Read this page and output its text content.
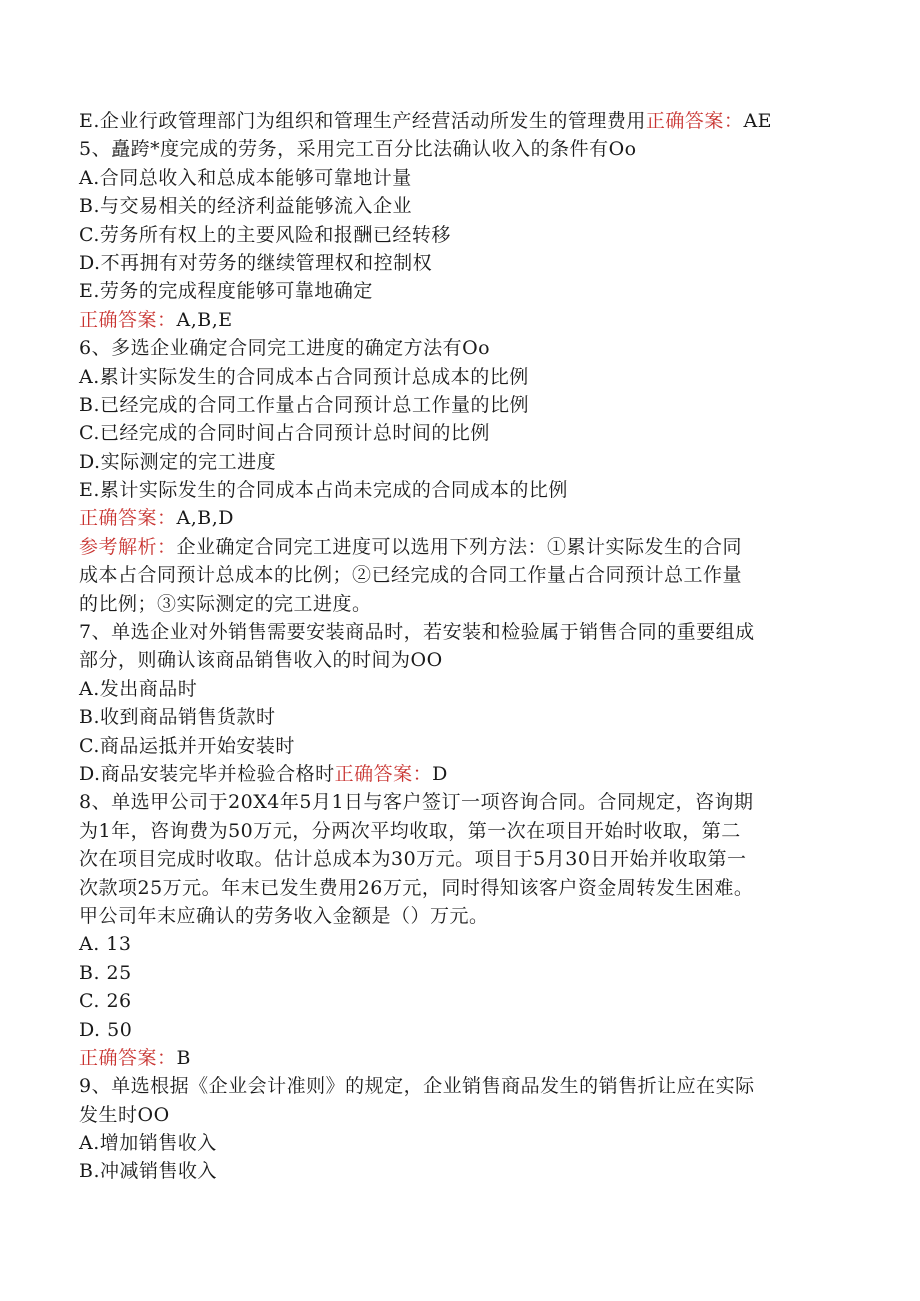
E.企业行政管理部门为组织和管理生产经营活动所发生的管理费用正确答案：AE
5、矗跨*度完成的劳务，采用完工百分比法确认收入的条件有Oo
A.合同总收入和总成本能够可靠地计量
B.与交易相关的经济利益能够流入企业
C.劳务所有权上的主要风险和报酬已经转移
D.不再拥有对劳务的继续管理权和控制权
E.劳务的完成程度能够可靠地确定
正确答案：A,B,E
6、多选企业确定合同完工进度的确定方法有Oo
A.累计实际发生的合同成本占合同预计总成本的比例
B.已经完成的合同工作量占合同预计总工作量的比例
C.已经完成的合同时间占合同预计总时间的比例
D.实际测定的完工进度
E.累计实际发生的合同成本占尚未完成的合同成本的比例
正确答案：A,B,D
参考解析：企业确定合同完工进度可以选用下列方法：①累计实际发生的合同
成本占合同预计总成本的比例；②已经完成的合同工作量占合同预计总工作量
的比例；③实际测定的完工进度。
7、单选企业对外销售需要安装商品时，若安装和检验属于销售合同的重要组成
部分，则确认该商品销售收入的时间为OO
A.发出商品时
B.收到商品销售货款时
C.商品运抵并开始安装时
D.商品安装完毕并检验合格时正确答案：D
8、单选甲公司于20X4年5月1日与客户签订一项咨询合同。合同规定，咨询期
为1年，咨询费为50万元，分两次平均收取，第一次在项目开始时收取，第二
次在项目完成时收取。估计总成本为30万元。项目于5月30日开始并收取第一
次款项25万元。年末已发生费用26万元，同时得知该客户资金周转发生困难。
甲公司年末应确认的劳务收入金额是（）万元。
A. 13
B. 25
C. 26
D. 50
正确答案：B
9、单选根据《企业会计准则》的规定，企业销售商品发生的销售折让应在实际
发生时OO
A.增加销售收入
B.冲减销售收入
